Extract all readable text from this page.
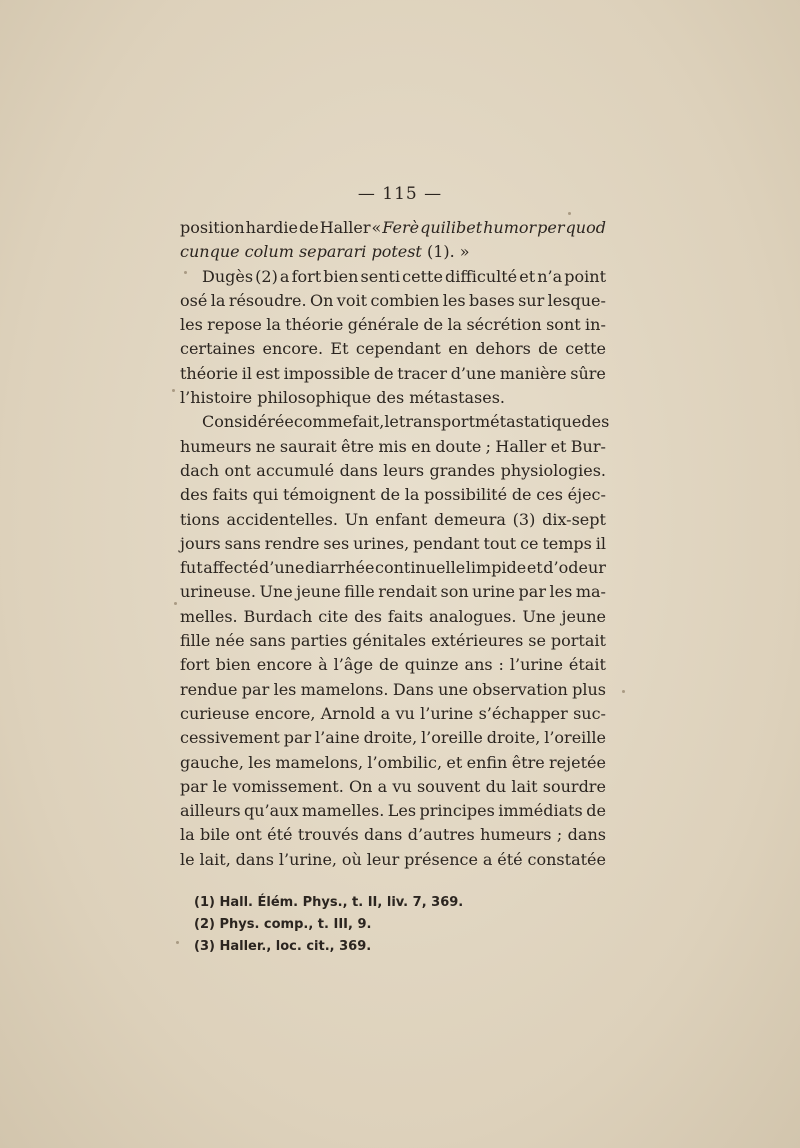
— 115 —
position hardie de Haller « Ferè quilibet humor per quod
cunque colum separari potest (1). »
Dugès (2) a fort bien senti cette difficulté et n’a point
osé la résoudre. On voit combien les bases sur lesque-
les repose la théorie générale de la sécrétion sont in-
certaines encore. Et cependant en dehors de cette
théorie il est impossible de tracer d’une manière sûre
l’histoire philosophique des métastases.
Considérée comme fait, le transport métastatique des
humeurs ne saurait être mis en doute ; Haller et Bur-
dach ont accumulé dans leurs grandes physiologies.
des faits qui témoignent de la possibilité de ces éjec-
tions accidentelles. Un enfant demeura (3) dix-sept
jours sans rendre ses urines, pendant tout ce temps il
fut affecté d’une diarrhée continuelle limpide et d’odeur
urineuse. Une jeune fille rendait son urine par les ma-
melles. Burdach cite des faits analogues. Une jeune
fille née sans parties génitales extérieures se portait
fort bien encore à l’âge de quinze ans : l’urine était
rendue par les mamelons. Dans une observation plus
curieuse encore, Arnold a vu l’urine s’échapper suc-
cessivement par l’aine droite, l’oreille droite, l’oreille
gauche, les mamelons, l’ombilic, et enfin être rejetée
par le vomissement. On a vu souvent du lait sourdre
ailleurs qu’aux mamelles. Les principes immédiats de
la bile ont été trouvés dans d’autres humeurs ; dans
le lait, dans l’urine, où leur présence a été constatée
(1) Hall. Élém. Phys., t. II, liv. 7, 369.
(2) Phys. comp., t. III, 9.
(3) Haller., loc. cit., 369.
